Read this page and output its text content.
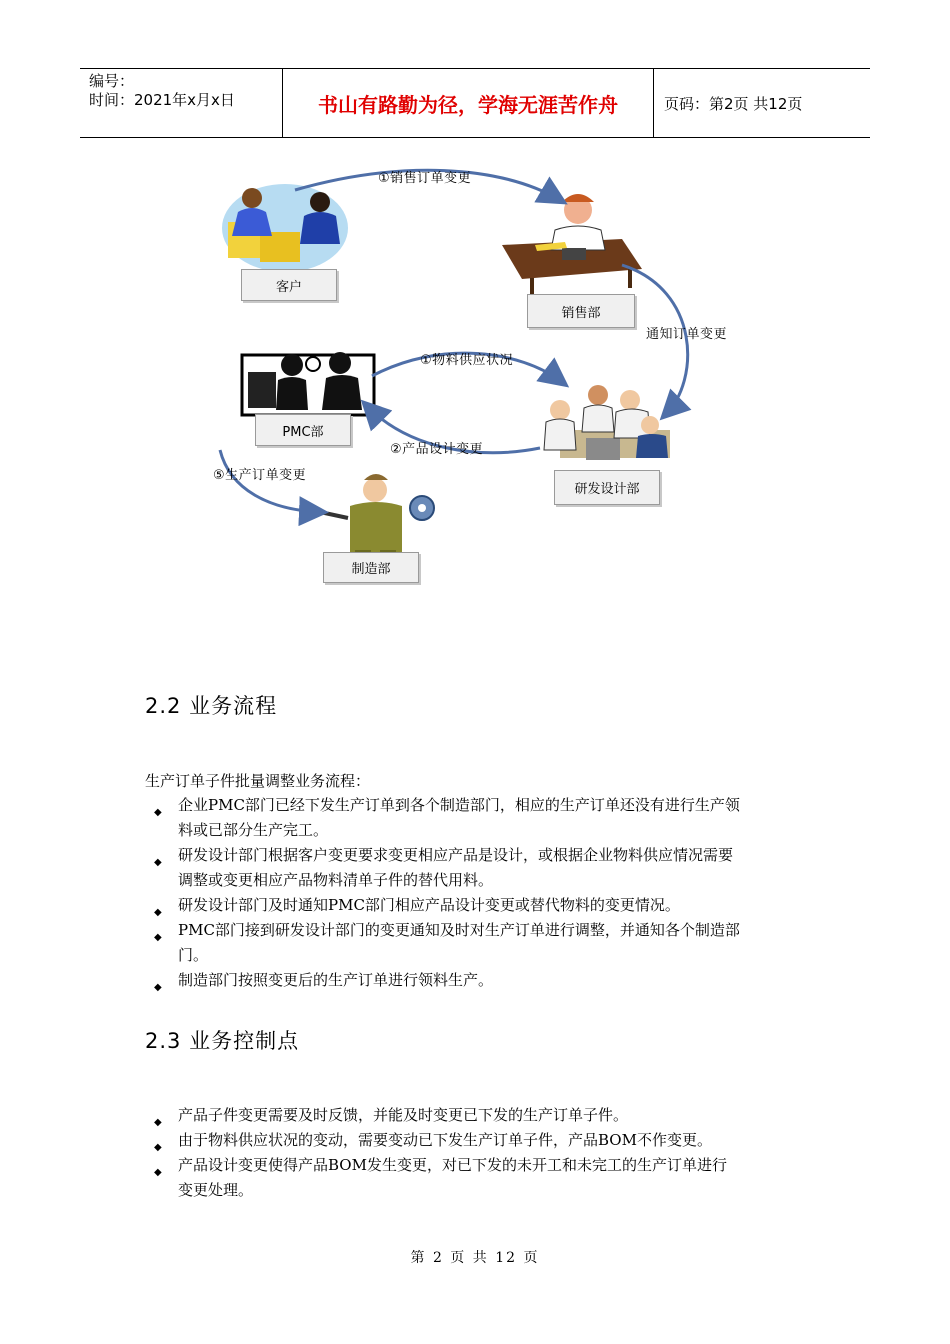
编号：
时间：2021年x月x日	书山有路勤为径，学海无涯苦作舟	页码：第2页 共12页
客户
销售部
PMC部
研发设计部
制造部
①销售订单变更
通知订单变更
①物料供应状况
②产品设计变更
⑤生产订单变更
2.2 业务流程
生产订单子件批量调整业务流程：
◆ 企业PMC部门已经下发生产订单到各个制造部门，相应的生产订单还没有进行生产领
料或已部分生产完工。
◆ 研发设计部门根据客户变更要求变更相应产品是设计，或根据企业物料供应情况需要
调整或变更相应产品物料清单子件的替代用料。
◆ 研发设计部门及时通知PMC部门相应产品设计变更或替代物料的变更情况。
◆ PMC部门接到研发设计部门的变更通知及时对生产订单进行调整，并通知各个制造部
门。
◆ 制造部门按照变更后的生产订单进行领料生产。
2.3 业务控制点
◆ 产品子件变更需要及时反馈，并能及时变更已下发的生产订单子件。
◆ 由于物料供应状况的变动，需要变动已下发生产订单子件，产品BOM不作变更。
◆ 产品设计变更使得产品BOM发生变更，对已下发的未开工和未完工的生产订单进行
变更处理。
第 2 页 共 12 页
